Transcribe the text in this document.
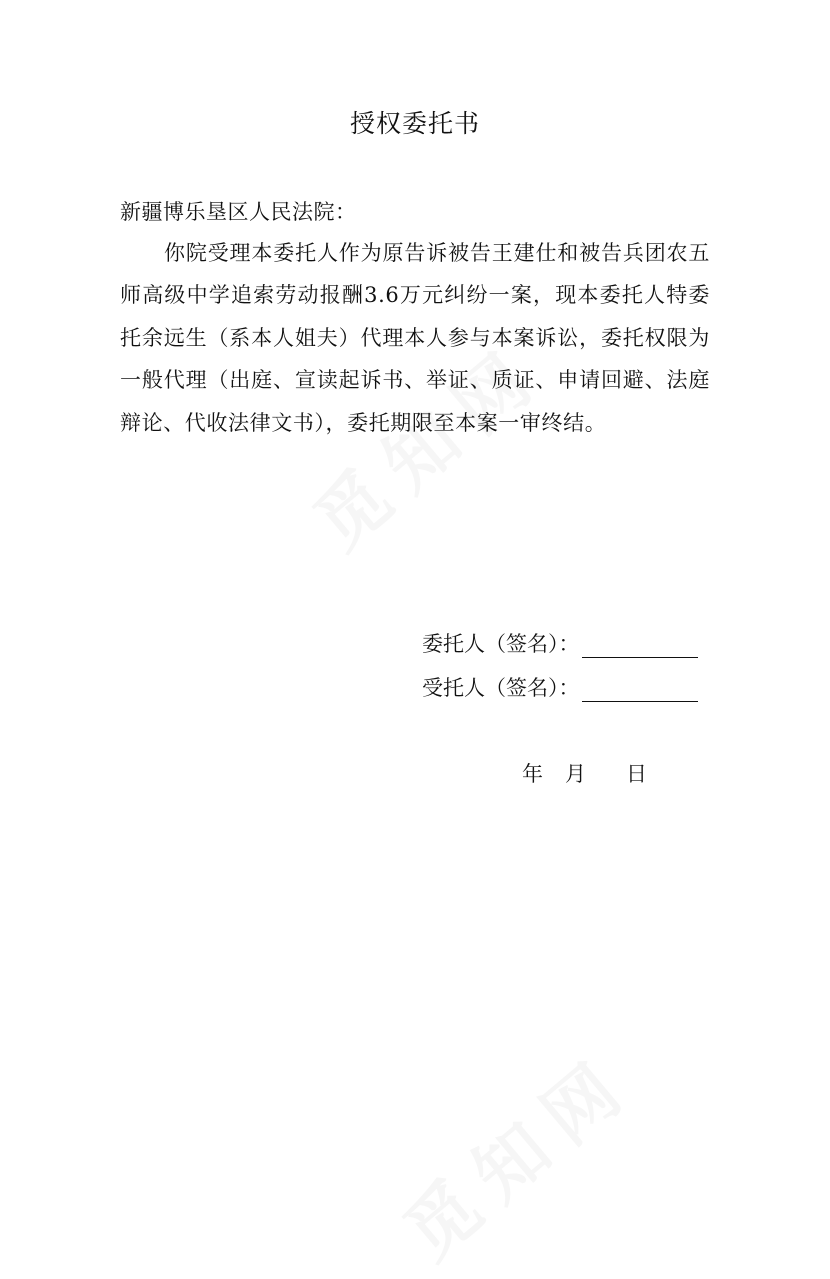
授权委托书
新疆博乐垦区人民法院：
你院受理本委托人作为原告诉被告王建仕和被告兵团农五师高级中学追索劳动报酬3.6万元纠纷一案，现本委托人特委托余远生（系本人姐夫）代理本人参与本案诉讼，委托权限为一般代理（出庭、宣读起诉书、举证、质证、申请回避、法庭辩论、代收法律文书），委托期限至本案一审终结。
委托人（签名）：
受托人（签名）：
年 月 日
